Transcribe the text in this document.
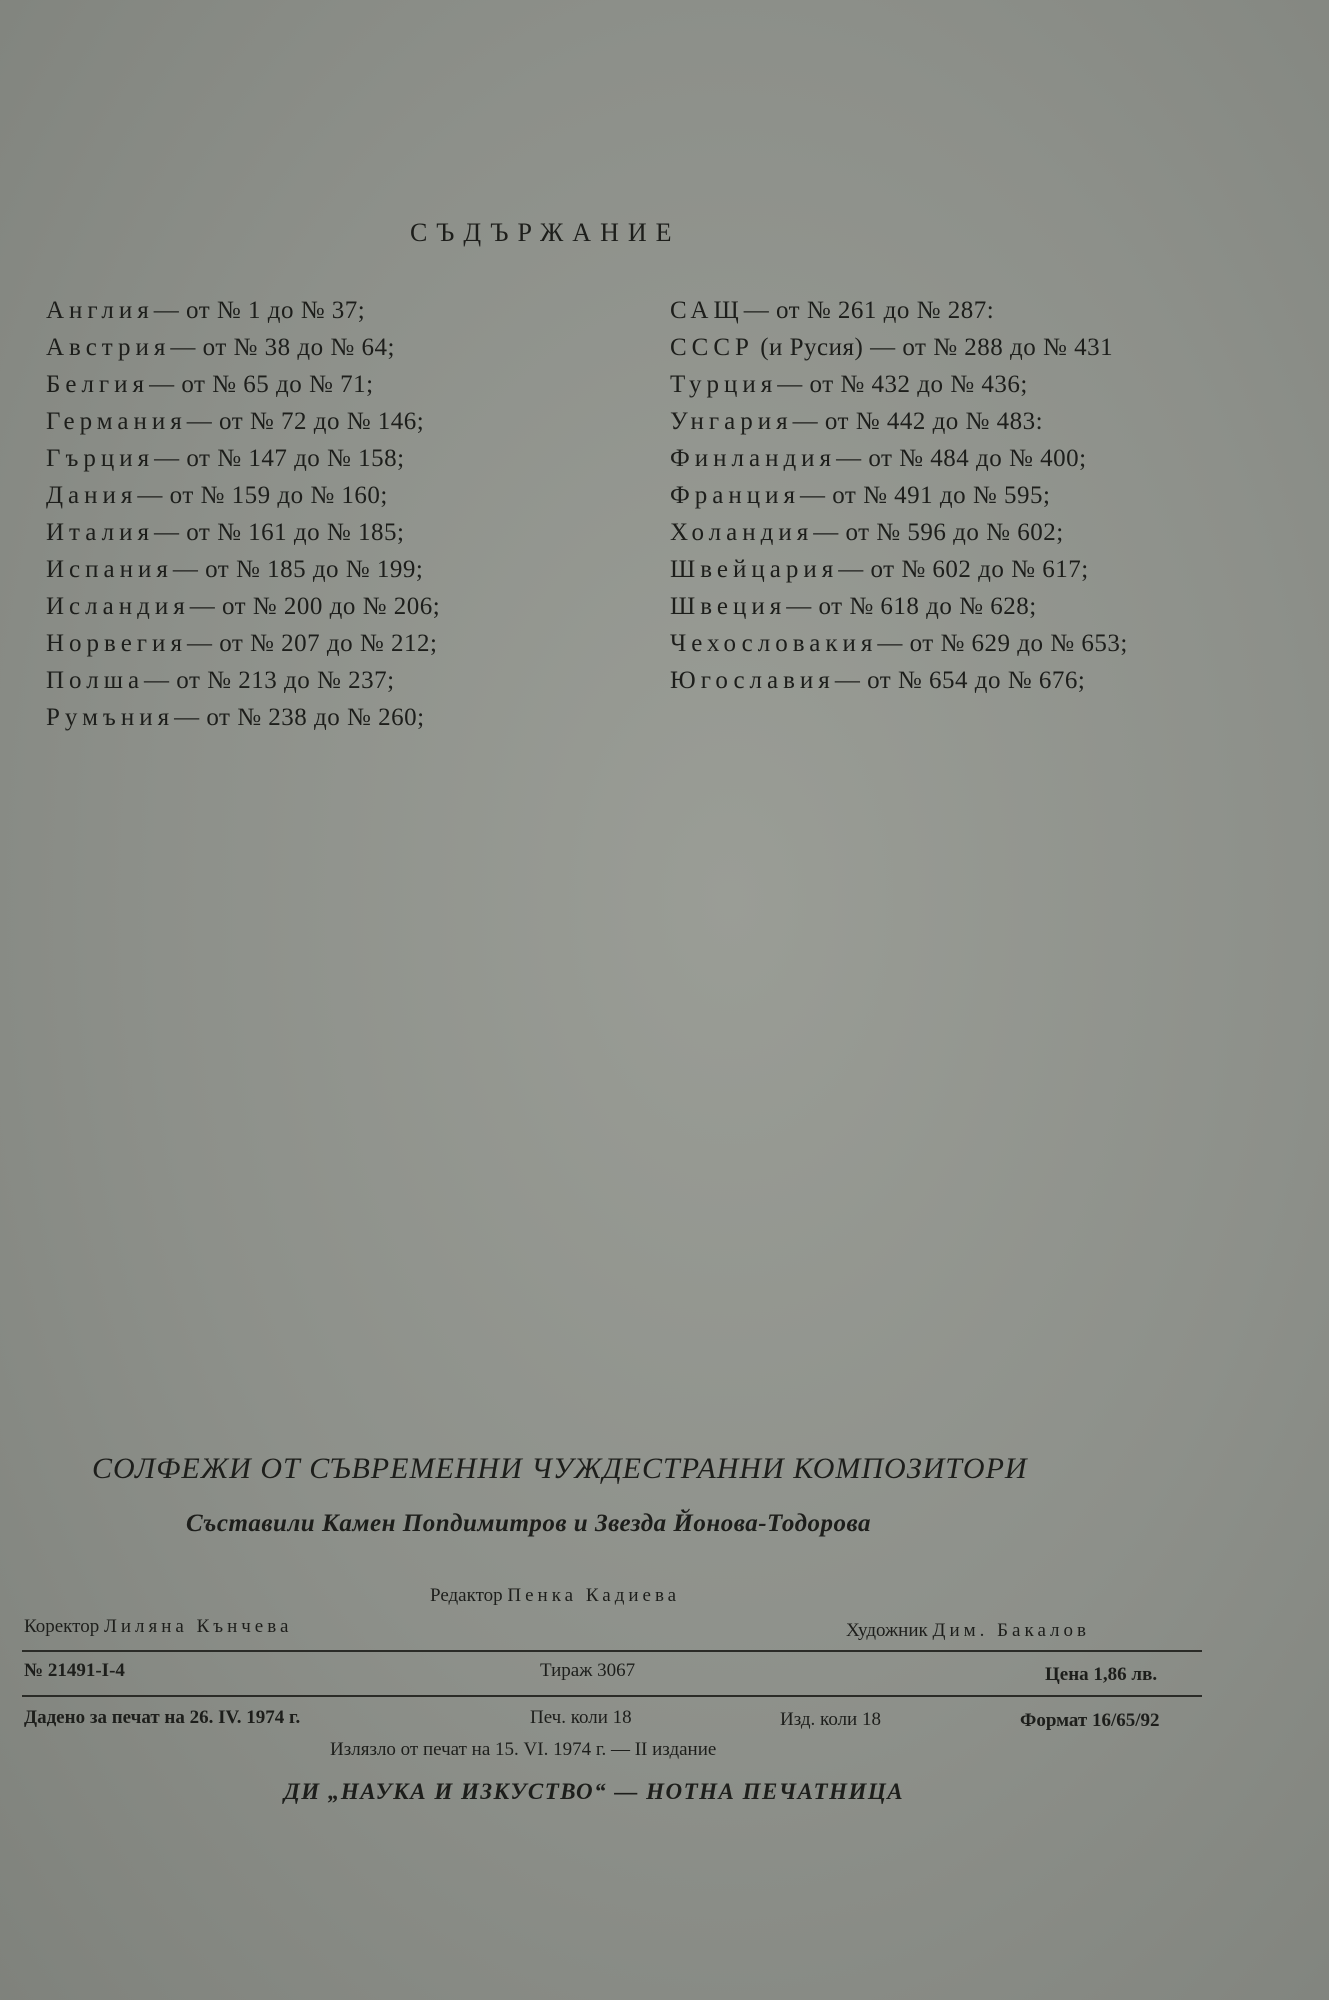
СЪДЪРЖАНИЕ
Англия— от № 1 до № 37;
Австрия— от № 38 до № 64;
Белгия— от № 65 до № 71;
Германия— от № 72 до № 146;
Гърция— от № 147 до № 158;
Дания— от № 159 до № 160;
Италия— от № 161 до № 185;
Испания— от № 185 до № 199;
Исландия— от № 200 до № 206;
Норвегия— от № 207 до № 212;
Полша— от № 213 до № 237;
Румъния— от № 238 до № 260;
САЩ— от № 261 до № 287:
СССР (и Русия) — от № 288 до № 431
Турция— от № 432 до № 436;
Унгария— от № 442 до № 483:
Финландия— от № 484 до № 400;
Франция— от № 491 до № 595;
Холандия— от № 596 до № 602;
Швейцария— от № 602 до № 617;
Швеция— от № 618 до № 628;
Чехословакия— от № 629 до № 653;
Югославия— от № 654 до № 676;
СОЛФЕЖИ ОТ СЪВРЕМЕННИ ЧУЖДЕСТРАННИ КОМПОЗИТОРИ
Съставили Камен Попдимитров и Звезда Йонова-Тодорова
Редактор Пенка Кадиева
Коректор Лиляна Кънчева	Художник Дим. Бакалов
№ 21491-I-4	Тираж 3067	Цена 1,86 лв.
Дадено за печат на 26. IV. 1974 г.	Печ. коли 18	Изд. коли 18	Формат 16/65/92
Излязло от печат на 15. VI. 1974 г. — II издание
ДИ „НАУКА И ИЗКУСТВО“ — НОТНА ПЕЧАТНИЦА
